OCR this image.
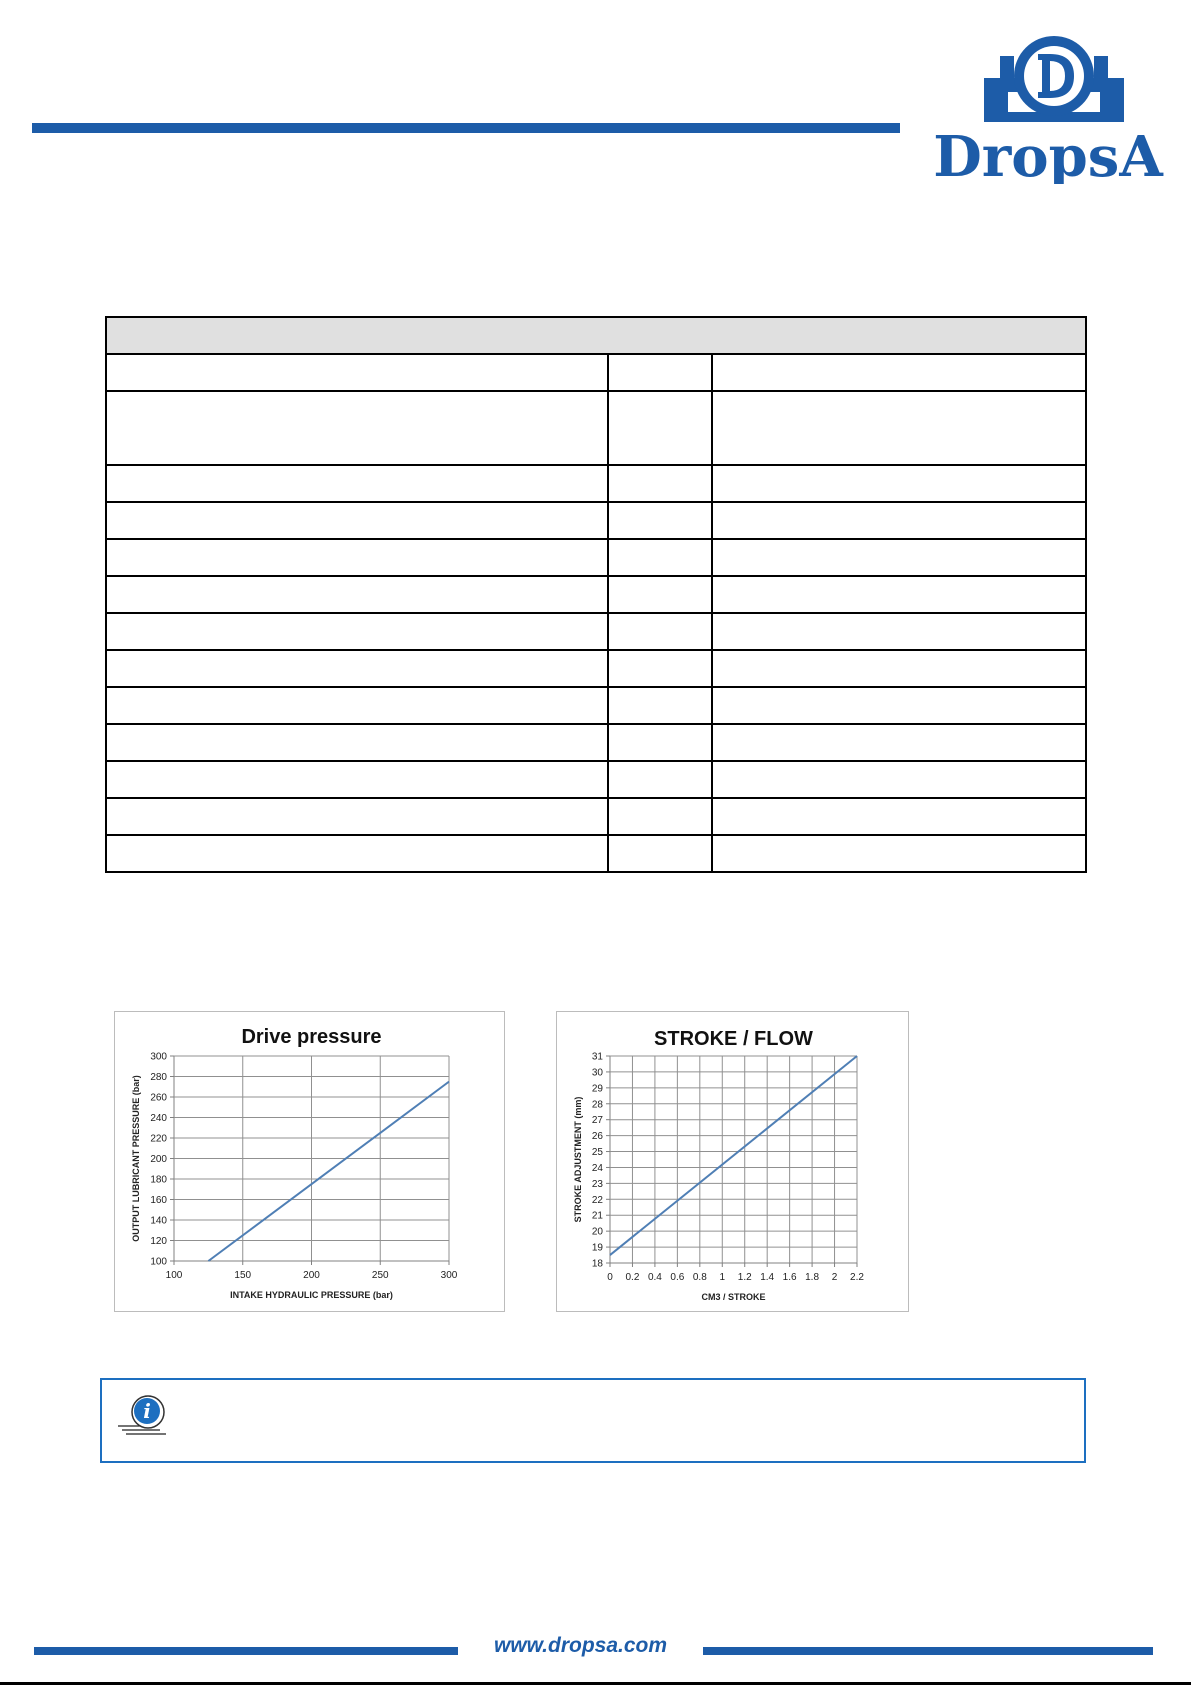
DropsA

Drive pressure
100	150	200	250	300
100
120
140
160
180
200
220
240
260
280
300
INTAKE HYDRAULIC PRESSURE (bar)
OUTPUT LUBRICANT PRESSURE (bar)
STROKE / FLOW
0 0.2 0.4 0.6 0.8 1 1.2 1.4 1.6 1.8 2 2.2
18
19
20
21
22
23
24
25
26
27
28
29
30
31
CM3 / STROKE
STROKE ADJUSTMENT (mm)
i
www.dropsa.com
